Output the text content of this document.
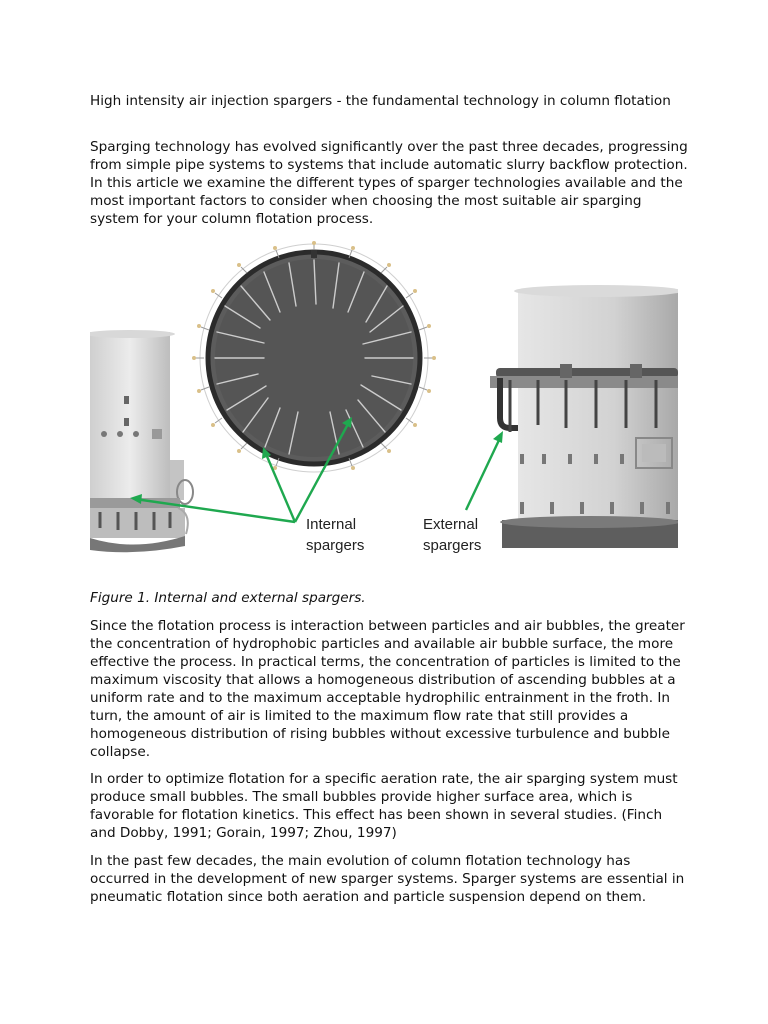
High intensity air injection spargers - the fundamental technology in column flotation

Sparging technology has evolved significantly over the past three decades, progressing from simple pipe systems to systems that include automatic slurry backflow protection. In this article we examine the different types of sparger technologies available and the most important factors to consider when choosing the most suitable air sparging system for your column flotation process.

Internal
spargers
External
spargers

Figure 1. Internal and external spargers.

Since the flotation process is interaction between particles and air bubbles, the greater the concentration of hydrophobic particles and available air bubble surface, the more effective the process. In practical terms, the concentration of particles is limited to the maximum viscosity that allows a homogeneous distribution of ascending bubbles at a uniform rate and to the maximum acceptable hydrophilic entrainment in the froth. In turn, the amount of air is limited to the maximum flow rate that still provides a homogeneous distribution of rising bubbles without excessive turbulence and bubble collapse.

In order to optimize flotation for a specific aeration rate, the air sparging system must produce small bubbles. The small bubbles provide higher surface area, which is favorable for flotation kinetics. This effect has been shown in several studies. (Finch and Dobby, 1991; Gorain, 1997; Zhou, 1997)

In the past few decades, the main evolution of column flotation technology has occurred in the development of new sparger systems. Sparger systems are essential in pneumatic flotation since both aeration and particle suspension depend on them.
